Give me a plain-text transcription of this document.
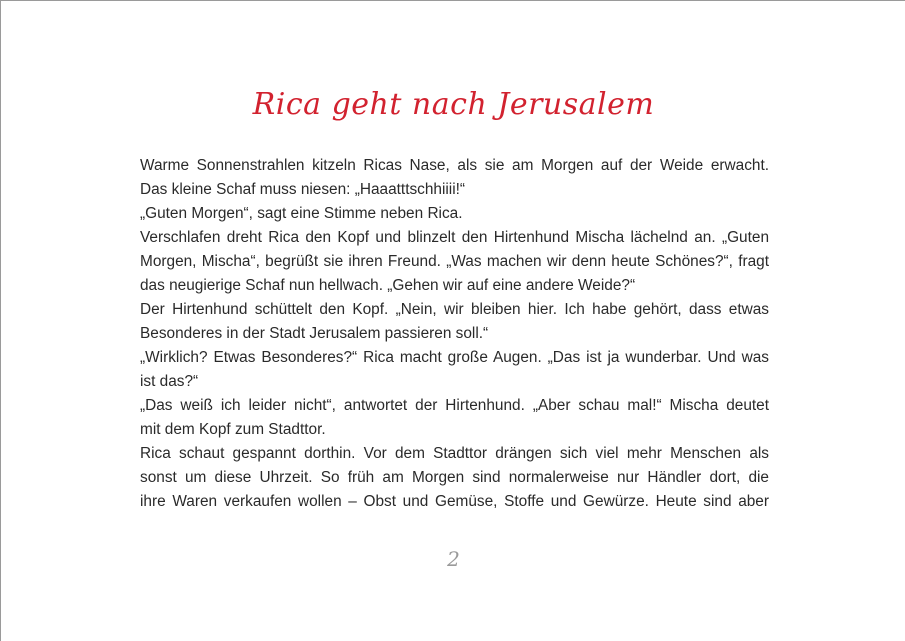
Rica geht nach Jerusalem
Warme Sonnenstrahlen kitzeln Ricas Nase, als sie am Morgen auf der Weide erwacht.
Das kleine Schaf muss niesen: „Haaatttschhiiii!“
„Guten Morgen“, sagt eine Stimme neben Rica.
Verschlafen dreht Rica den Kopf und blinzelt den Hirtenhund Mischa lächelnd an. „Guten
Morgen, Mischa“, begrüßt sie ihren Freund. „Was machen wir denn heute Schönes?“, fragt
das neugierige Schaf nun hellwach. „Gehen wir auf eine andere Weide?“
Der Hirtenhund schüttelt den Kopf. „Nein, wir bleiben hier. Ich habe gehört, dass etwas
Besonderes in der Stadt Jerusalem passieren soll.“
„Wirklich? Etwas Besonderes?“ Rica macht große Augen. „Das ist ja wunderbar. Und was
ist das?“
„Das weiß ich leider nicht“, antwortet der Hirtenhund. „Aber schau mal!“ Mischa deutet
mit dem Kopf zum Stadttor.
Rica schaut gespannt dorthin. Vor dem Stadttor drängen sich viel mehr Menschen als
sonst um diese Uhrzeit. So früh am Morgen sind normalerweise nur Händler dort, die
ihre Waren verkaufen wollen – Obst und Gemüse, Stoffe und Gewürze. Heute sind aber
2
